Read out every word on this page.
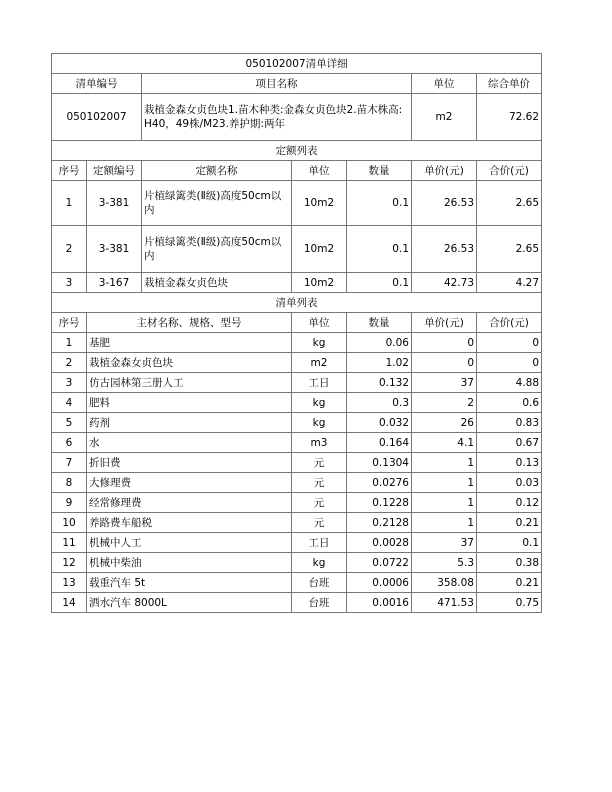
050102007清单详细						
清单编号		项目名称			单位	综合单价
050102007		栽植金森女贞色块1.苗木种类:金森女贞色块2.苗木株高:H40，49株/M23.养护期:两年			m2	72.62
定额列表						
序号	定额编号	定额名称	单位	数量	单价(元)	合价(元)
1	3-381	片植绿篱类(Ⅱ级)高度50cm以内	10m2	0.1	26.53	2.65
2	3-381	片植绿篱类(Ⅱ级)高度50cm以内	10m2	0.1	26.53	2.65
3	3-167	栽植金森女贞色块	10m2	0.1	42.73	4.27
清单列表						
序号	主材名称、规格、型号		单位	数量	单价(元)	合价(元)
1	基肥		kg	0.06	0	0
2	栽植金森女贞色块		m2	1.02	0	0
3	仿古园林第三册人工		工日	0.132	37	4.88
4	肥料		kg	0.3	2	0.6
5	药剂		kg	0.032	26	0.83
6	水		m3	0.164	4.1	0.67
7	折旧费		元	0.1304	1	0.13
8	大修理费		元	0.0276	1	0.03
9	经常修理费		元	0.1228	1	0.12
10	养路费车船税		元	0.2128	1	0.21
11	机械中人工		工日	0.0028	37	0.1
12	机械中柴油		kg	0.0722	5.3	0.38
13	载重汽车 5t		台班	0.0006	358.08	0.21
14	洒水汽车 8000L		台班	0.0016	471.53	0.75
